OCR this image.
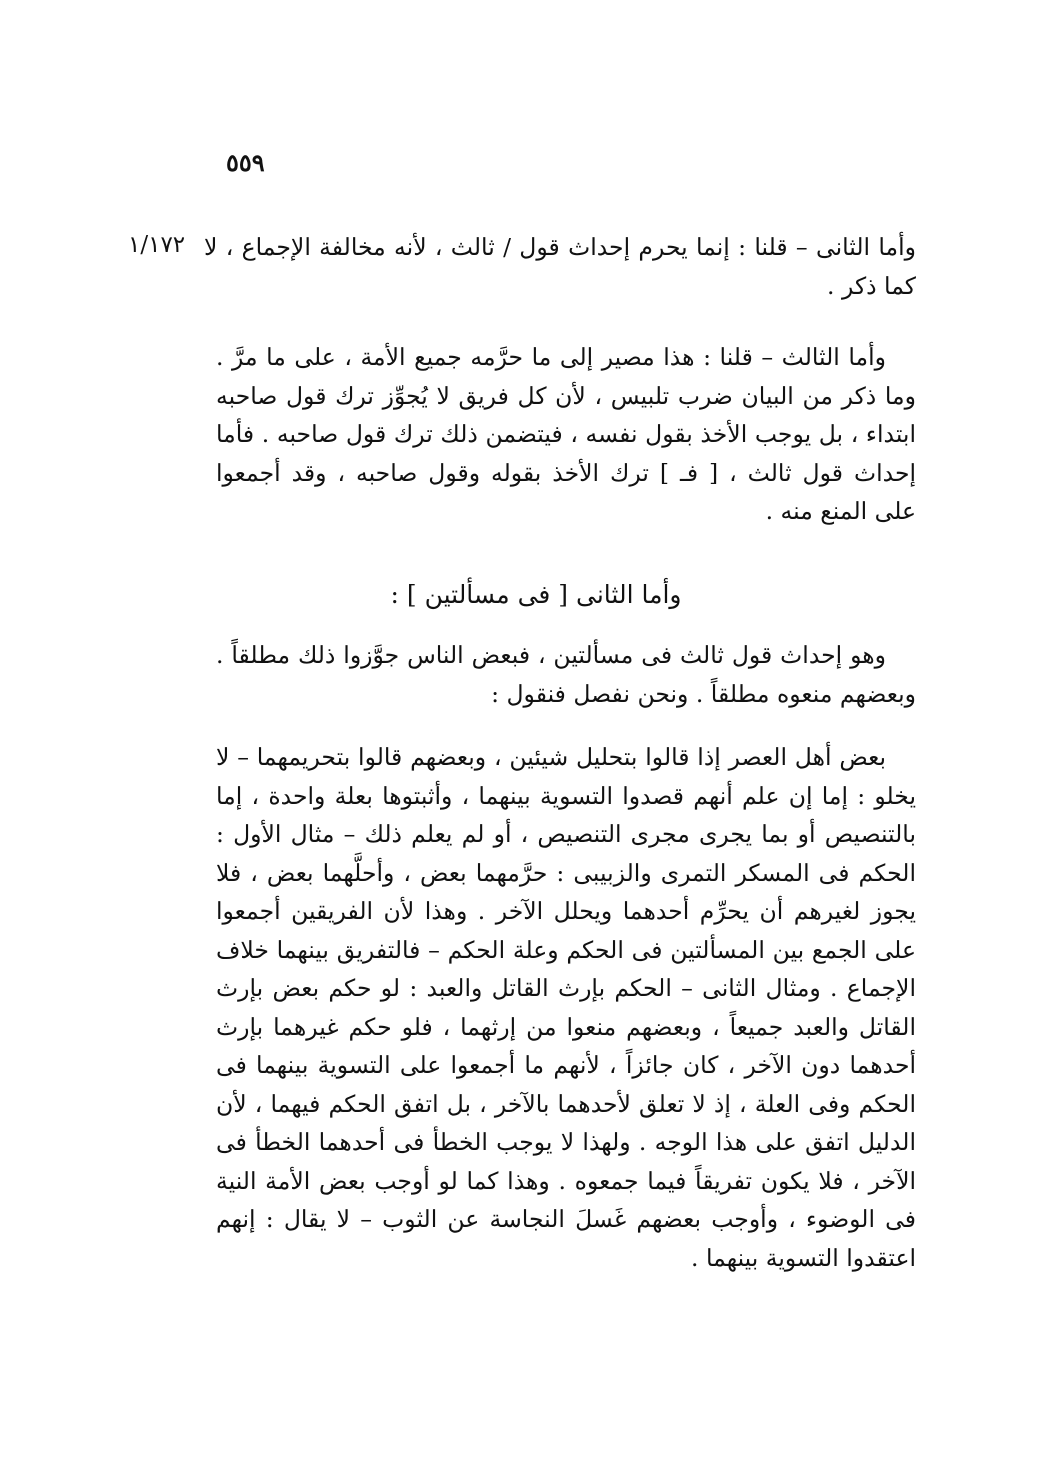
٥٥٩
١/١٧٢ وأما الثانى – قلنا : إنما يحرم إحداث قول / ثالث ، لأنه مخالفة الإجماع ، لا كما ذكر .

وأما الثالث – قلنا : هذا مصير إلى ما حرَّمه جميع الأمة ، على ما مرَّ . وما ذكر من البيان ضرب تلبيس ، لأن كل فريق لا يُجوِّز ترك قول صاحبه ابتداء ، بل يوجب الأخذ بقول نفسه ، فيتضمن ذلك ترك قول صاحبه . فأما إحداث قول ثالث ، [ فـ ] ترك الأخذ بقوله وقول صاحبه ، وقد أجمعوا على المنع منه .

وأما الثانى [ فى مسألتين ] :

وهو إحداث قول ثالث فى مسألتين ، فبعض الناس جوَّزوا ذلك مطلقاً . وبعضهم منعوه مطلقاً . ونحن نفصل فنقول :

بعض أهل العصر إذا قالوا بتحليل شيئين ، وبعضهم قالوا بتحريمهما – لا يخلو : إما إن علم أنهم قصدوا التسوية بينهما ، وأثبتوها بعلة واحدة ، إما بالتنصيص أو بما يجرى مجرى التنصيص ، أو لم يعلم ذلك – مثال الأول : الحكم فى المسكر التمرى والزبيبى : حرَّمهما بعض ، وأحلَّهما بعض ، فلا يجوز لغيرهم أن يحرِّم أحدهما ويحلل الآخر . وهذا لأن الفريقين أجمعوا على الجمع بين المسألتين فى الحكم وعلة الحكم – فالتفريق بينهما خلاف الإجماع . ومثال الثانى – الحكم بإرث القاتل والعبد : لو حكم بعض بإرث القاتل والعبد جميعاً ، وبعضهم منعوا من إرثهما ، فلو حكم غيرهما بإرث أحدهما دون الآخر ، كان جائزاً ، لأنهم ما أجمعوا على التسوية بينهما فى الحكم وفى العلة ، إذ لا تعلق لأحدهما بالآخر ، بل اتفق الحكم فيهما ، لأن الدليل اتفق على هذا الوجه . ولهذا لا يوجب الخطأ فى أحدهما الخطأ فى الآخر ، فلا يكون تفريقاً فيما جمعوه . وهذا كما لو أوجب بعض الأمة النية فى الوضوء ، وأوجب بعضهم غَسلَ النجاسة عن الثوب – لا يقال : إنهم اعتقدوا التسوية بينهما .
